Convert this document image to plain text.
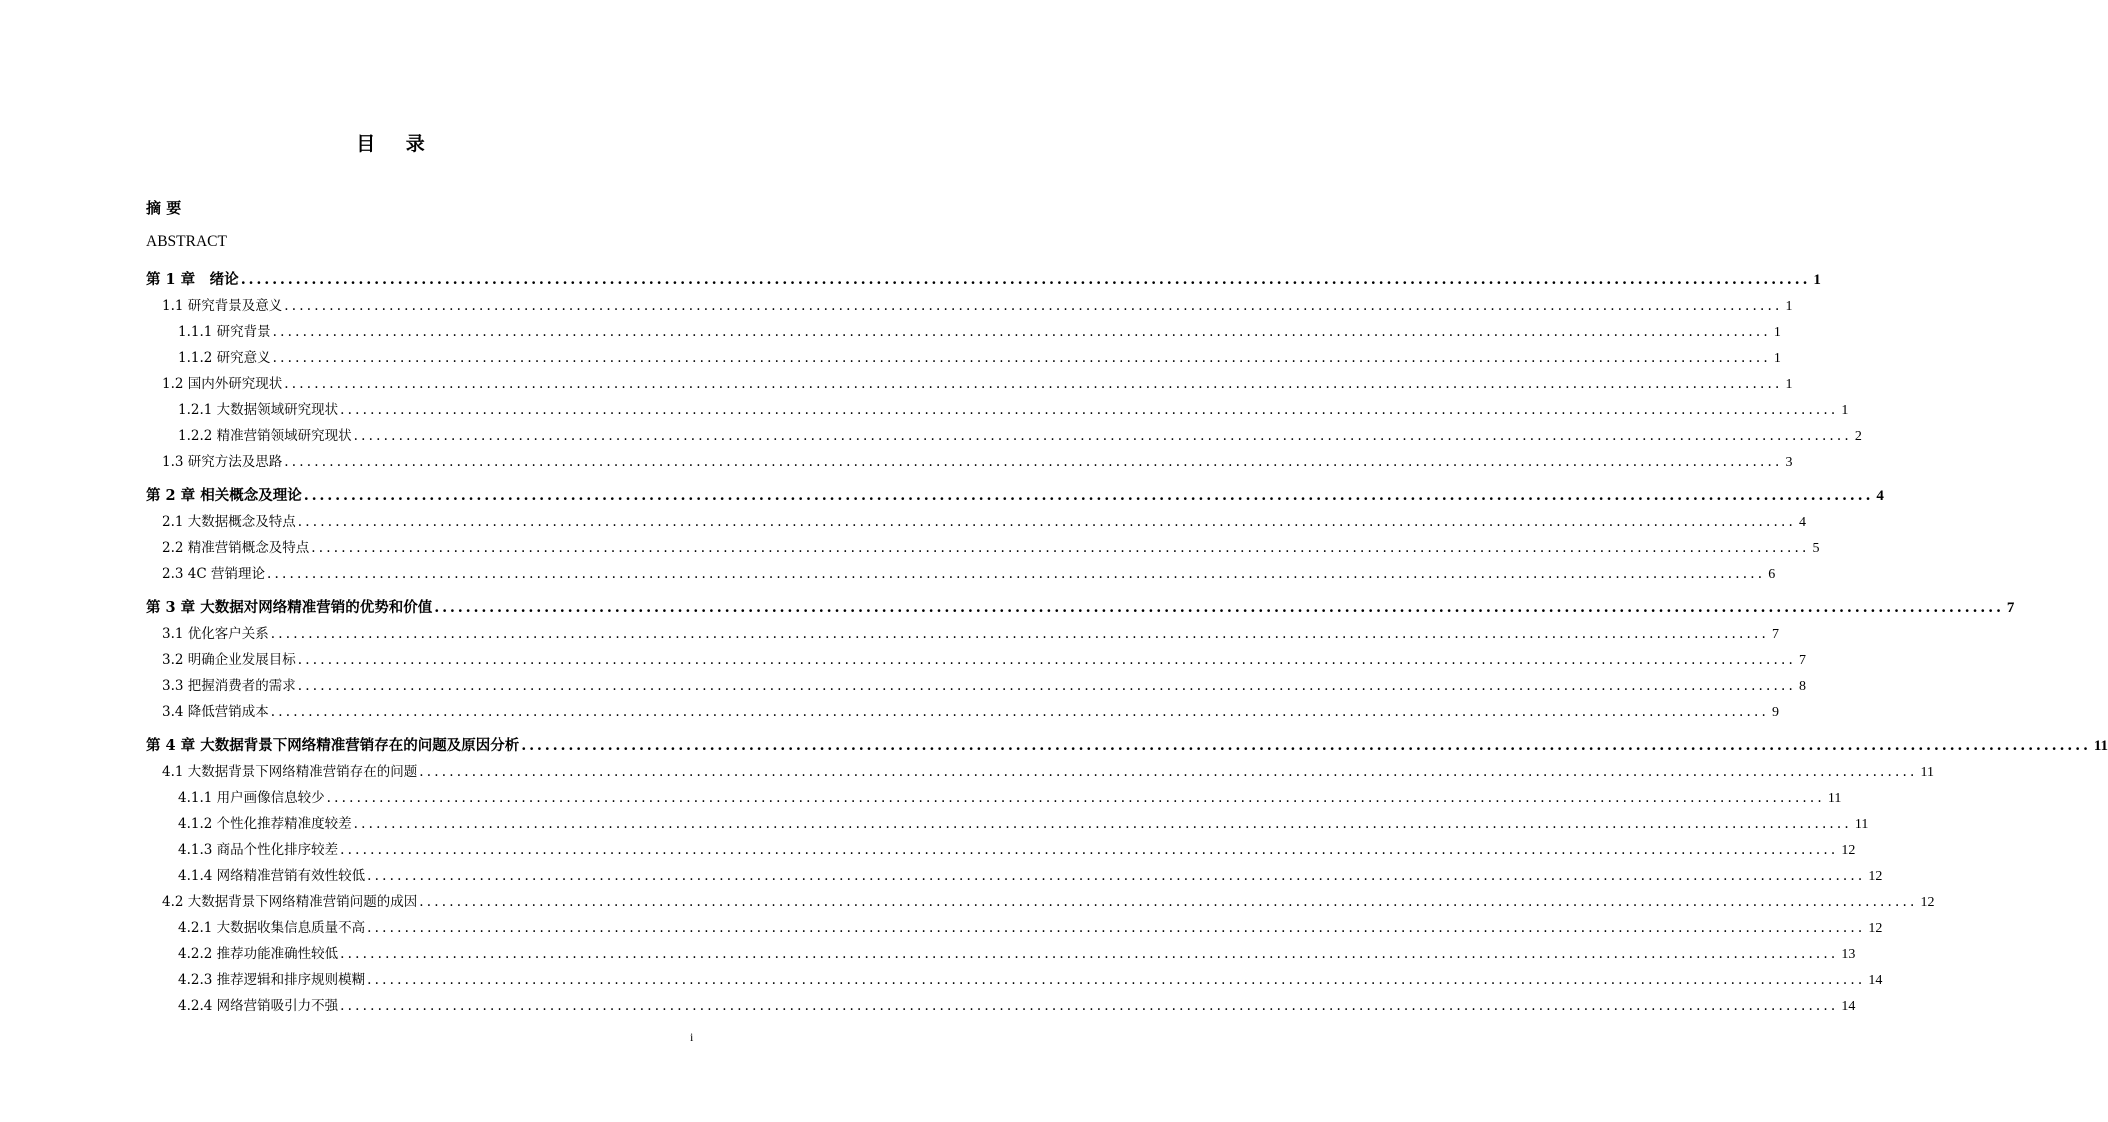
目 录
摘 要
ABSTRACT
第 1 章　绪论 ........................................................................................................................................................................................................ 1
1.1 研究背景及意义 ........................................................................................................................................................................................................ 1
1.1.1 研究背景 ........................................................................................................................................................................................................ 1
1.1.2 研究意义 ........................................................................................................................................................................................................ 1
1.2 国内外研究现状 ........................................................................................................................................................................................................ 1
1.2.1 大数据领域研究现状 ........................................................................................................................................................................................................ 1
1.2.2 精准营销领域研究现状 ........................................................................................................................................................................................................ 2
1.3 研究方法及思路 ........................................................................................................................................................................................................ 3
第 2 章 相关概念及理论 ........................................................................................................................................................................................................ 4
2.1 大数据概念及特点 ........................................................................................................................................................................................................ 4
2.2 精准营销概念及特点 ........................................................................................................................................................................................................ 5
2.3 4C 营销理论 ........................................................................................................................................................................................................ 6
第 3 章 大数据对网络精准营销的优势和价值 ........................................................................................................................................................................................................ 7
3.1 优化客户关系 ........................................................................................................................................................................................................ 7
3.2 明确企业发展目标 ........................................................................................................................................................................................................ 7
3.3 把握消费者的需求 ........................................................................................................................................................................................................ 8
3.4 降低营销成本 ........................................................................................................................................................................................................ 9
第 4 章 大数据背景下网络精准营销存在的问题及原因分析 ........................................................................................................................................................................................................ 11
4.1 大数据背景下网络精准营销存在的问题 ........................................................................................................................................................................................................ 11
4.1.1 用户画像信息较少 ........................................................................................................................................................................................................ 11
4.1.2 个性化推荐精准度较差 ........................................................................................................................................................................................................ 11
4.1.3 商品个性化排序较差 ........................................................................................................................................................................................................ 12
4.1.4 网络精准营销有效性较低 ........................................................................................................................................................................................................ 12
4.2 大数据背景下网络精准营销问题的成因 ........................................................................................................................................................................................................ 12
4.2.1 大数据收集信息质量不高 ........................................................................................................................................................................................................ 12
4.2.2 推荐功能准确性较低 ........................................................................................................................................................................................................ 13
4.2.3 推荐逻辑和排序规则模糊 ........................................................................................................................................................................................................ 14
4.2.4 网络营销吸引力不强 ........................................................................................................................................................................................................ 14
i
